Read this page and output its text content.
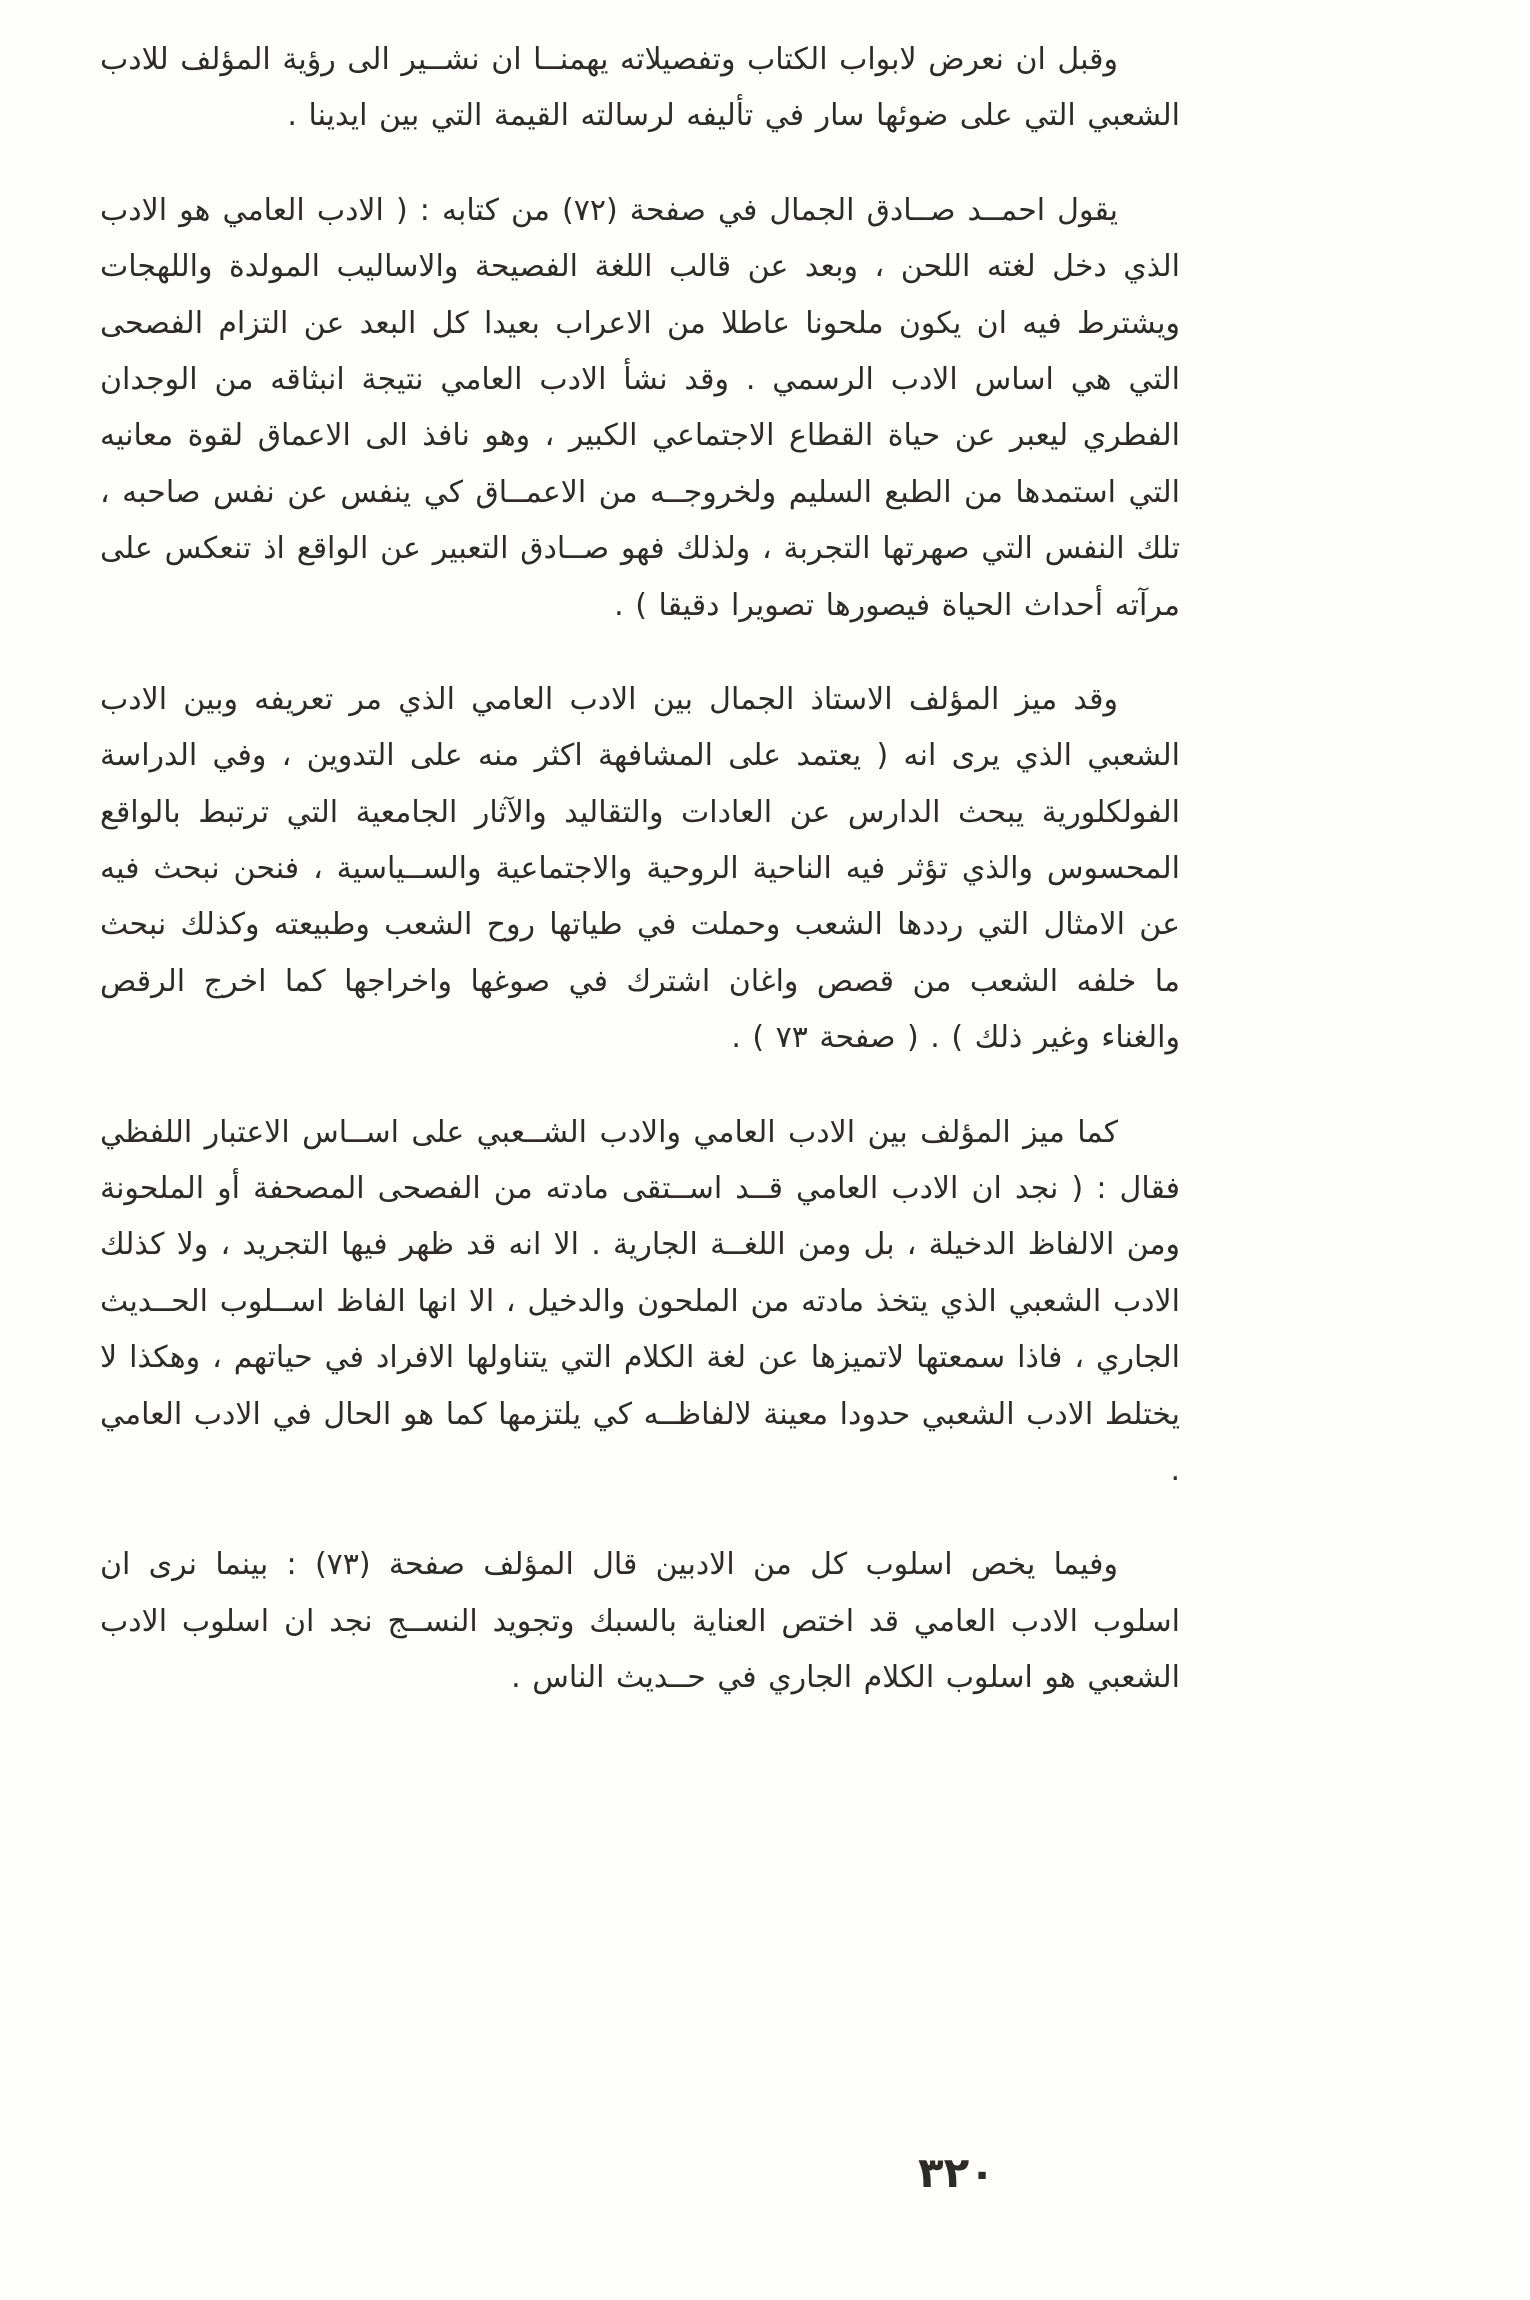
وقبل ان نعرض لابواب الكتاب وتفصيلاته يهمنــا ان نشــير الى رؤية المؤلف للادب الشعبي التي على ضوئها سار في تأليفه لرسالته القيمة التي بين ايدينا .

يقول احمــد صــادق الجمال في صفحة (٧٢) من كتابه : ( الادب العامي هو الادب الذي دخل لغته اللحن ، وبعد عن قالب اللغة الفصيحة والاساليب المولدة واللهجات ويشترط فيه ان يكون ملحونا عاطلا من الاعراب بعيدا كل البعد عن التزام الفصحى التي هي اساس الادب الرسمي . وقد نشأ الادب العامي نتيجة انبثاقه من الوجدان الفطري ليعبر عن حياة القطاع الاجتماعي الكبير ، وهو نافذ الى الاعماق لقوة معانيه التي استمدها من الطبع السليم ولخروجــه من الاعمــاق كي ينفس عن نفس صاحبه ، تلك النفس التي صهرتها التجربة ، ولذلك فهو صــادق التعبير عن الواقع اذ تنعكس على مرآته أحداث الحياة فيصورها تصويرا دقيقا ) .

وقد ميز المؤلف الاستاذ الجمال بين الادب العامي الذي مر تعريفه وبين الادب الشعبي الذي يرى انه ( يعتمد على المشافهة اكثر منه على التدوين ، وفي الدراسة الفولكلورية يبحث الدارس عن العادات والتقاليد والآثار الجامعية التي ترتبط بالواقع المحسوس والذي تؤثر فيه الناحية الروحية والاجتماعية والســياسية ، فنحن نبحث فيه عن الامثال التي رددها الشعب وحملت في طياتها روح الشعب وطبيعته وكذلك نبحث ما خلفه الشعب من قصص واغان اشترك في صوغها واخراجها كما اخرج الرقص والغناء وغير ذلك ) . ( صفحة ٧٣ ) .

كما ميز المؤلف بين الادب العامي والادب الشــعبي على اســاس الاعتبار اللفظي فقال : ( نجد ان الادب العامي قــد اســتقى مادته من الفصحى المصحفة أو الملحونة ومن الالفاظ الدخيلة ، بل ومن اللغــة الجارية . الا انه قد ظهر فيها التجريد ، ولا كذلك الادب الشعبي الذي يتخذ مادته من الملحون والدخيل ، الا انها الفاظ اســلوب الحــديث الجاري ، فاذا سمعتها لاتميزها عن لغة الكلام التي يتناولها الافراد في حياتهم ، وهكذا لا يختلط الادب الشعبي حدودا معينة لالفاظــه كي يلتزمها كما هو الحال في الادب العامي .

وفيما يخص اسلوب كل من الادبين قال المؤلف صفحة (٧٣) : بينما نرى ان اسلوب الادب العامي قد اختص العناية بالسبك وتجويد النســج نجد ان اسلوب الادب الشعبي هو اسلوب الكلام الجاري في حــديث الناس .

٣٢٠
